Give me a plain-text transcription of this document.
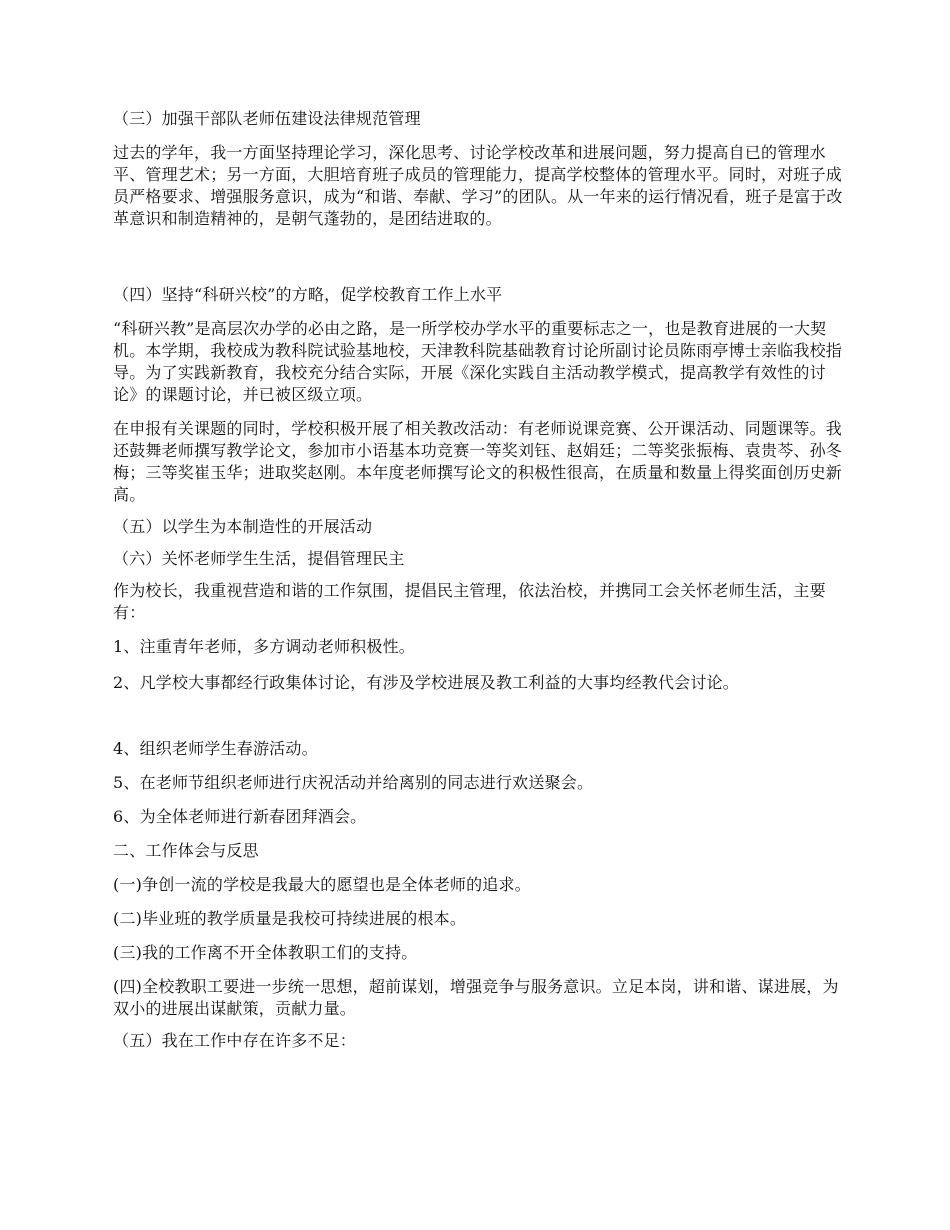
（三）加强干部队老师伍建设法律规范管理

过去的学年，我一方面坚持理论学习，深化思考、讨论学校改革和进展问题，努力提高自已的管理水平、管理艺术；另一方面，大胆培育班子成员的管理能力，提高学校整体的管理水平。同时，对班子成员严格要求、增强服务意识，成为“和谐、奉献、学习”的团队。从一年来的运行情况看，班子是富于改革意识和制造精神的，是朝气蓬勃的，是团结进取的。

（四）坚持“科研兴校”的方略，促学校教育工作上水平

“科研兴教”是高层次办学的必由之路，是一所学校办学水平的重要标志之一，也是教育进展的一大契机。本学期，我校成为教科院试验基地校，天津教科院基础教育讨论所副讨论员陈雨亭博士亲临我校指导。为了实践新教育，我校充分结合实际，开展《深化实践自主活动教学模式，提高教学有效性的讨论》的课题讨论，并已被区级立项。

在申报有关课题的同时，学校积极开展了相关教改活动：有老师说课竞赛、公开课活动、同题课等。我还鼓舞老师撰写教学论文，参加市小语基本功竞赛一等奖刘钰、赵娟廷；二等奖张振梅、袁贵芩、孙冬梅；三等奖崔玉华；进取奖赵刚。本年度老师撰写论文的积极性很高，在质量和数量上得奖面创历史新高。

（五）以学生为本制造性的开展活动

（六）关怀老师学生生活，提倡管理民主

作为校长，我重视营造和谐的工作氛围，提倡民主管理，依法治校，并携同工会关怀老师生活，主要有：

1、注重青年老师，多方调动老师积极性。

2、凡学校大事都经行政集体讨论，有涉及学校进展及教工利益的大事均经教代会讨论。

4、组织老师学生春游活动。

5、在老师节组织老师进行庆祝活动并给离别的同志进行欢送聚会。

6、为全体老师进行新春团拜酒会。

二、工作体会与反思

(一)争创一流的学校是我最大的愿望也是全体老师的追求。

(二)毕业班的教学质量是我校可持续进展的根本。

(三)我的工作离不开全体教职工们的支持。

(四)全校教职工要进一步统一思想，超前谋划，增强竞争与服务意识。立足本岗，讲和谐、谋进展，为双小的进展出谋献策，贡献力量。

（五）我在工作中存在许多不足：
